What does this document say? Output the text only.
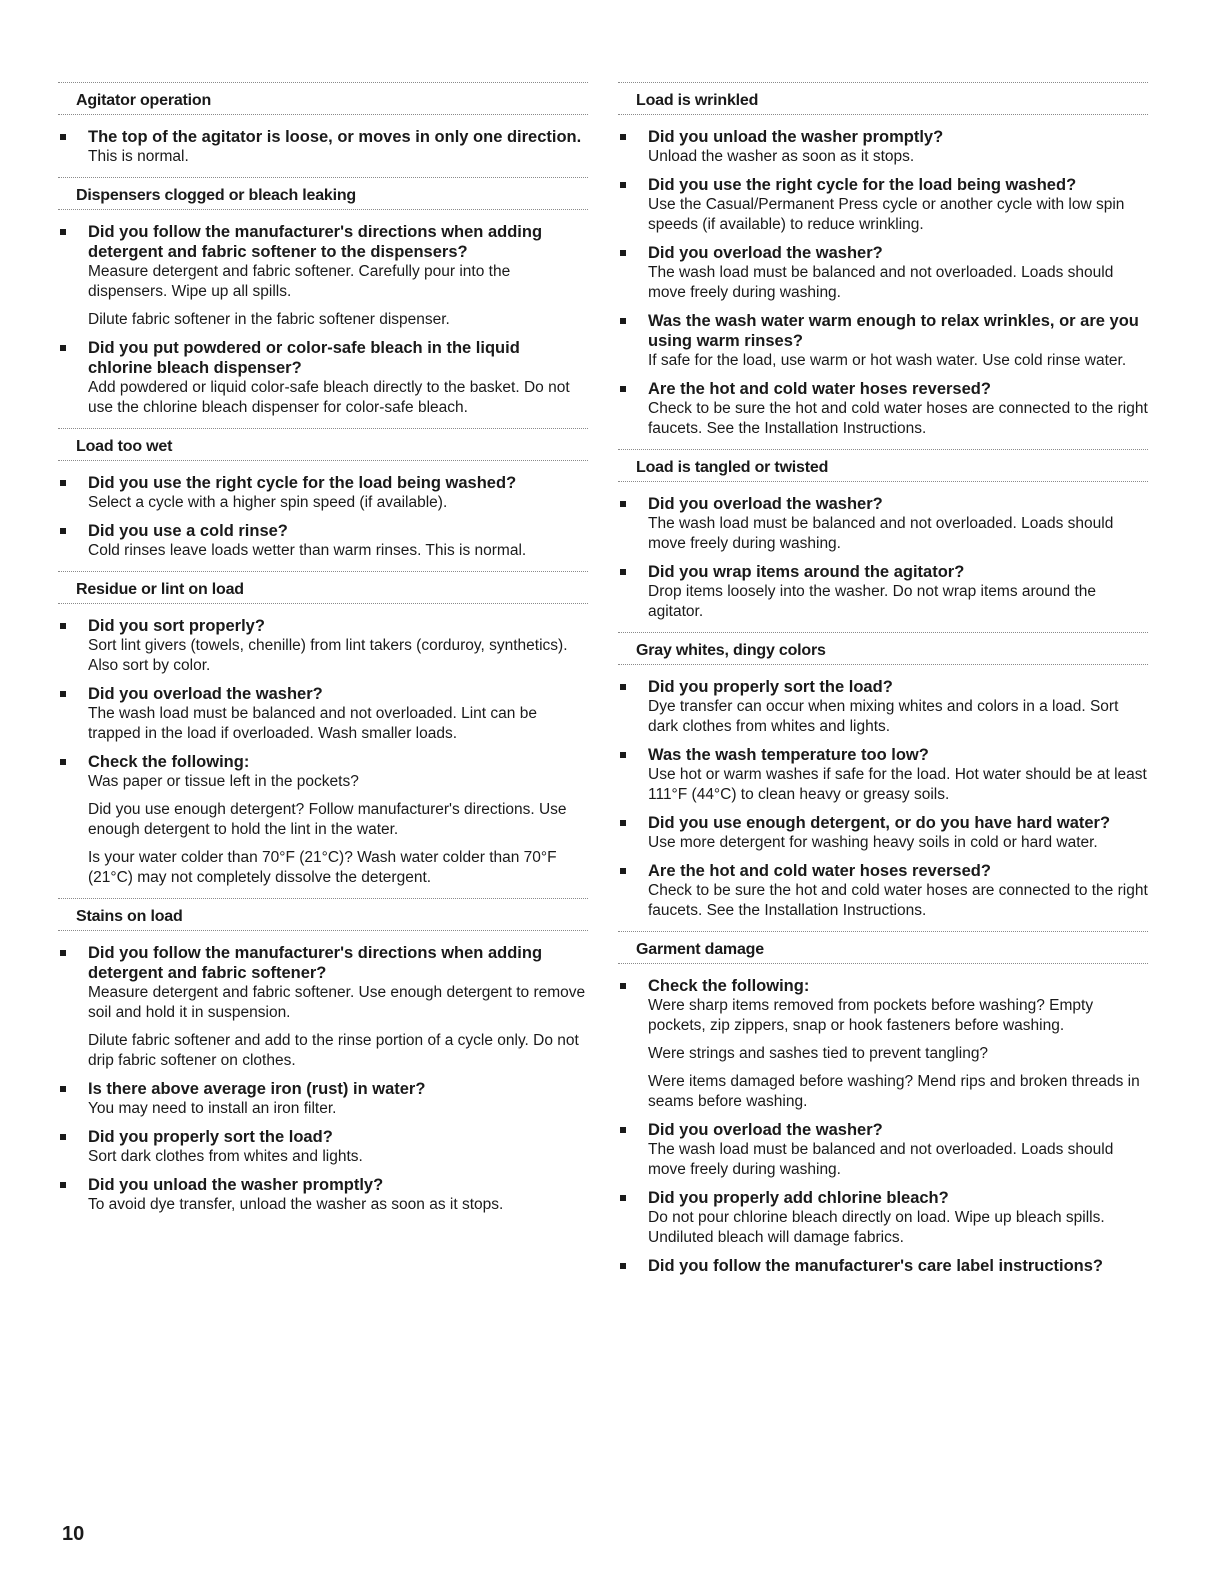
Agitator operation
The top of the agitator is loose, or moves in only one direction.

This is normal.

Dispensers clogged or bleach leaking
Did you follow the manufacturer's directions when adding detergent and fabric softener to the dispensers?

Measure detergent and fabric softener. Carefully pour into the dispensers. Wipe up all spills.

Dilute fabric softener in the fabric softener dispenser.

Did you put powdered or color-safe bleach in the liquid chlorine bleach dispenser?

Add powdered or liquid color-safe bleach directly to the basket. Do not use the chlorine bleach dispenser for color-safe bleach.

Load too wet
Did you use the right cycle for the load being washed?

Select a cycle with a higher spin speed (if available).

Did you use a cold rinse?

Cold rinses leave loads wetter than warm rinses. This is normal.

Residue or lint on load
Did you sort properly?

Sort lint givers (towels, chenille) from lint takers (corduroy, synthetics). Also sort by color.

Did you overload the washer?

The wash load must be balanced and not overloaded. Lint can be trapped in the load if overloaded. Wash smaller loads.

Check the following:

Was paper or tissue left in the pockets?

Did you use enough detergent? Follow manufacturer's directions. Use enough detergent to hold the lint in the water.

Is your water colder than 70°F (21°C)? Wash water colder than 70°F (21°C) may not completely dissolve the detergent.

Stains on load
Did you follow the manufacturer's directions when adding detergent and fabric softener?

Measure detergent and fabric softener. Use enough detergent to remove soil and hold it in suspension.

Dilute fabric softener and add to the rinse portion of a cycle only. Do not drip fabric softener on clothes.

Is there above average iron (rust) in water?

You may need to install an iron filter.

Did you properly sort the load?

Sort dark clothes from whites and lights.

Did you unload the washer promptly?

To avoid dye transfer, unload the washer as soon as it stops.

Load is wrinkled
Did you unload the washer promptly?

Unload the washer as soon as it stops.

Did you use the right cycle for the load being washed?

Use the Casual/Permanent Press cycle or another cycle with low spin speeds (if available) to reduce wrinkling.

Did you overload the washer?

The wash load must be balanced and not overloaded. Loads should move freely during washing.

Was the wash water warm enough to relax wrinkles, or are you using warm rinses?

If safe for the load, use warm or hot wash water. Use cold rinse water.

Are the hot and cold water hoses reversed?

Check to be sure the hot and cold water hoses are connected to the right faucets. See the Installation Instructions.

Load is tangled or twisted
Did you overload the washer?

The wash load must be balanced and not overloaded. Loads should move freely during washing.

Did you wrap items around the agitator?

Drop items loosely into the washer. Do not wrap items around the agitator.

Gray whites, dingy colors
Did you properly sort the load?

Dye transfer can occur when mixing whites and colors in a load. Sort dark clothes from whites and lights.

Was the wash temperature too low?

Use hot or warm washes if safe for the load. Hot water should be at least 111°F (44°C) to clean heavy or greasy soils.

Did you use enough detergent, or do you have hard water?

Use more detergent for washing heavy soils in cold or hard water.

Are the hot and cold water hoses reversed?

Check to be sure the hot and cold water hoses are connected to the right faucets. See the Installation Instructions.

Garment damage
Check the following:

Were sharp items removed from pockets before washing? Empty pockets, zip zippers, snap or hook fasteners before washing.

Were strings and sashes tied to prevent tangling?

Were items damaged before washing? Mend rips and broken threads in seams before washing.

Did you overload the washer?

The wash load must be balanced and not overloaded. Loads should move freely during washing.

Did you properly add chlorine bleach?

Do not pour chlorine bleach directly on load. Wipe up bleach spills. Undiluted bleach will damage fabrics.

Did you follow the manufacturer's care label instructions?
10
